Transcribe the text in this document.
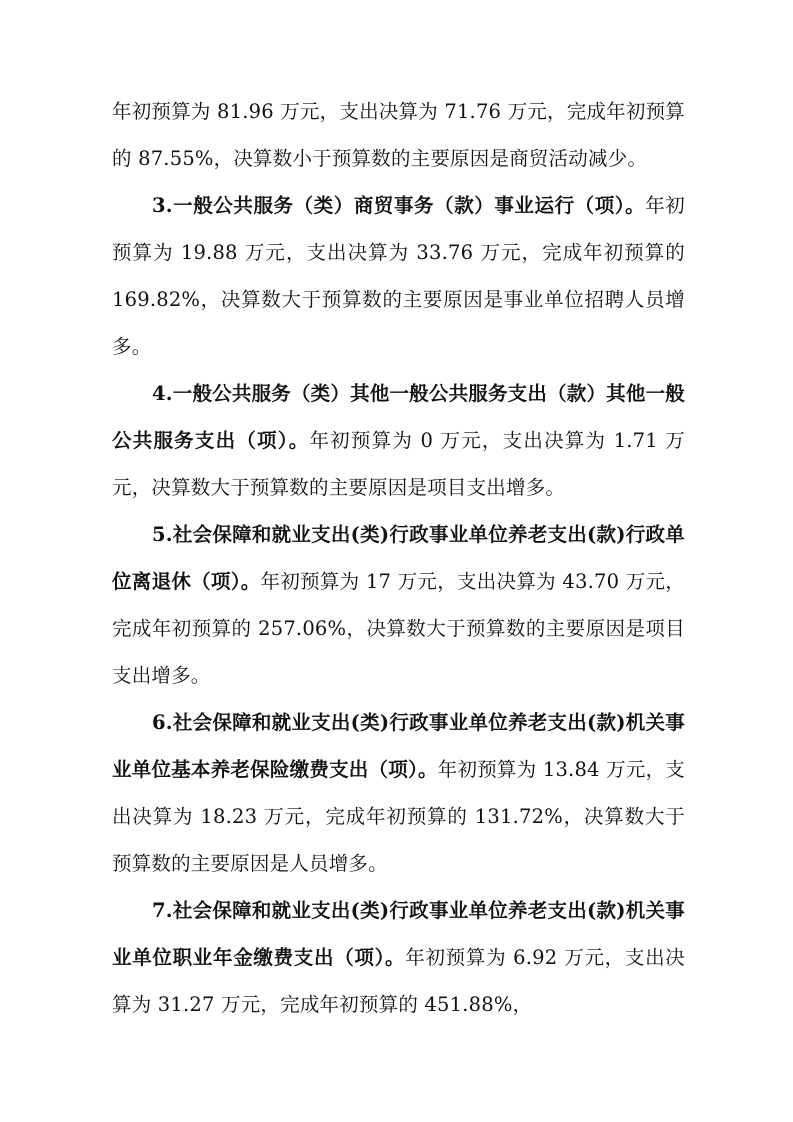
年初预算为 81.96 万元，支出决算为 71.76 万元，完成年初预算的 87.55%，决算数小于预算数的主要原因是商贸活动减少。

3.一般公共服务（类）商贸事务（款）事业运行（项）。年初预算为 19.88 万元，支出决算为 33.76 万元，完成年初预算的 169.82%，决算数大于预算数的主要原因是事业单位招聘人员增多。

4.一般公共服务（类）其他一般公共服务支出（款）其他一般公共服务支出（项）。年初预算为 0 万元，支出决算为 1.71 万元，决算数大于预算数的主要原因是项目支出增多。

5.社会保障和就业支出(类)行政事业单位养老支出(款)行政单位离退休（项）。年初预算为 17 万元，支出决算为 43.70 万元，完成年初预算的 257.06%，决算数大于预算数的主要原因是项目支出增多。

6.社会保障和就业支出(类)行政事业单位养老支出(款)机关事业单位基本养老保险缴费支出（项）。年初预算为 13.84 万元，支出决算为 18.23 万元，完成年初预算的 131.72%，决算数大于预算数的主要原因是人员增多。

7.社会保障和就业支出(类)行政事业单位养老支出(款)机关事业单位职业年金缴费支出（项）。年初预算为 6.92 万元，支出决算为 31.27 万元，完成年初预算的 451.88%，
